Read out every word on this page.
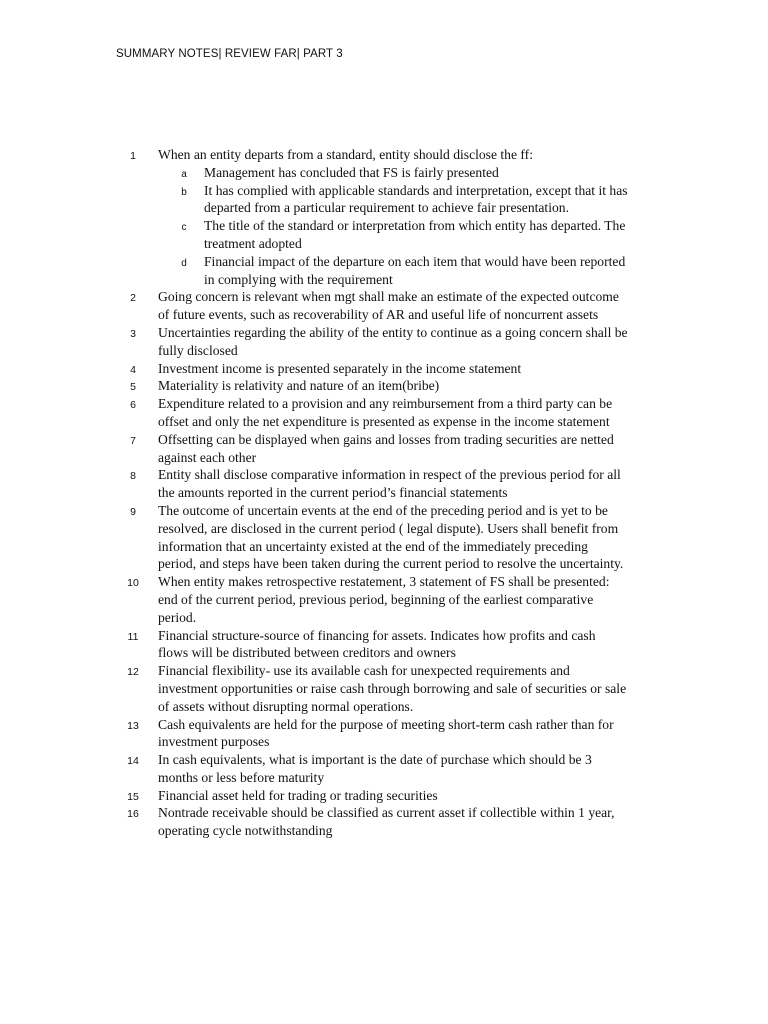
SUMMARY NOTES| REVIEW FAR| PART 3
1	When an entity departs from a standard, entity should disclose the ff:
a	Management has concluded that FS is fairly presented
b	It has complied with applicable standards and interpretation, except that it has departed from a particular requirement to achieve fair presentation.
c	The title of the standard or interpretation from which entity has departed. The treatment adopted
d	Financial impact of the departure on each item that would have been reported in complying with the requirement
2	Going concern is relevant when mgt shall make an estimate of the expected outcome of future events, such as recoverability of AR and useful life of noncurrent assets
3	Uncertainties regarding the ability of the entity to continue as a going concern shall be fully disclosed
4	Investment income is presented separately in the income statement
5	Materiality is relativity and nature of an item(bribe)
6	Expenditure related to a provision and any reimbursement from a third party can be offset and only the net expenditure is presented as expense in the income statement
7	Offsetting can be displayed when gains and losses from trading securities are netted against each other
8	Entity shall disclose comparative information in respect of the previous period for all the amounts reported in the current period’s financial statements
9	The outcome of uncertain events at the end of the preceding period and is yet to be resolved, are disclosed in the current period ( legal dispute). Users shall benefit from information that an uncertainty existed at the end of the immediately preceding period, and steps have been taken during the current period to resolve the uncertainty.
10	When entity makes retrospective restatement, 3 statement of FS shall be presented: end of the current period, previous period, beginning of the earliest comparative period.
11	Financial structure-source of financing for assets. Indicates how profits and cash flows will be distributed between creditors and owners
12	Financial flexibility- use its available cash for unexpected requirements and investment opportunities or raise cash through borrowing and sale of securities or sale of assets without disrupting normal operations.
13	Cash equivalents are held for the purpose of meeting short-term cash rather than for investment purposes
14	In cash equivalents, what is important is the date of purchase which should be 3 months or less before maturity
15	Financial asset held for trading or trading securities
16	Nontrade receivable should be classified as current asset if collectible within 1 year, operating cycle notwithstanding
